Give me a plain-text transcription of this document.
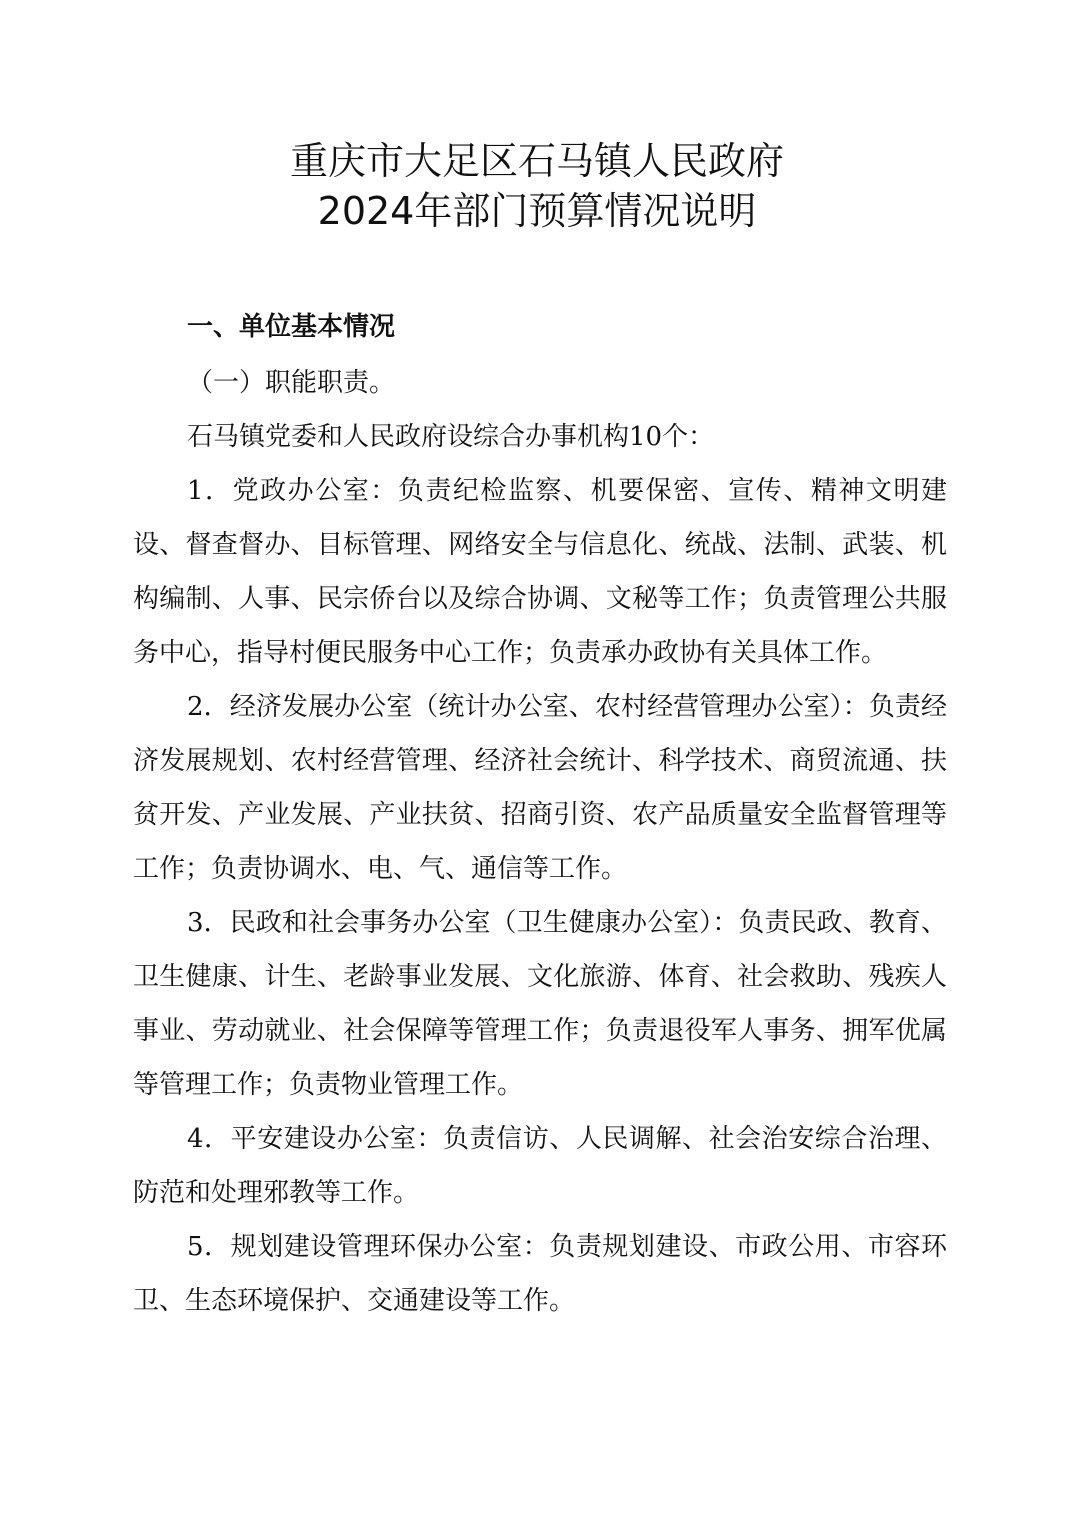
重庆市大足区石马镇人民政府
2024年部门预算情况说明

一、单位基本情况

（一）职能职责。

石马镇党委和人民政府设综合办事机构10个：

1．党政办公室：负责纪检监察、机要保密、宣传、精神文明建设、督查督办、目标管理、网络安全与信息化、统战、法制、武装、机构编制、人事、民宗侨台以及综合协调、文秘等工作；负责管理公共服务中心，指导村便民服务中心工作；负责承办政协有关具体工作。

2．经济发展办公室（统计办公室、农村经营管理办公室）：负责经济发展规划、农村经营管理、经济社会统计、科学技术、商贸流通、扶贫开发、产业发展、产业扶贫、招商引资、农产品质量安全监督管理等工作；负责协调水、电、气、通信等工作。

3．民政和社会事务办公室（卫生健康办公室）：负责民政、教育、卫生健康、计生、老龄事业发展、文化旅游、体育、社会救助、残疾人事业、劳动就业、社会保障等管理工作；负责退役军人事务、拥军优属等管理工作；负责物业管理工作。

4．平安建设办公室：负责信访、人民调解、社会治安综合治理、防范和处理邪教等工作。

5．规划建设管理环保办公室：负责规划建设、市政公用、市容环卫、生态环境保护、交通建设等工作。
